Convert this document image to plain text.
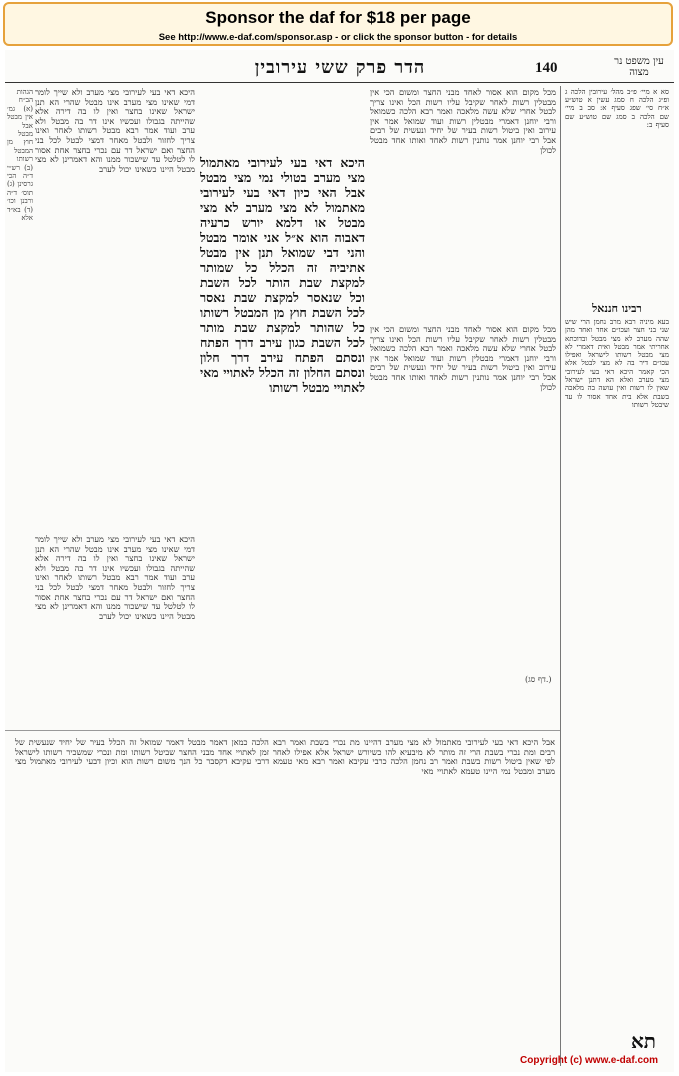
Sponsor the daf for $18 per page
See http://www.e-daf.com/sponsor.asp - or click the sponsor button - for details
140
הדר פרק ששי עירובין	עין משפט נר מצוה
סא א מיי׳ פ״ב מהל׳ עירובין הלכה ג ופ״ג הלכה ח סמג עשין א טוש״ע א״ח סי׳ שפג סעיף א: סב ב מיי׳ שם הלכה ב סמג שם טוש״ע שם סעיף ב:
רבינו חננאל
בעא מיניה רבא מרב נחמן הרי שיש שני בני חצר ועכו״ם אחד ואחד מהן שהה מערב לא מצי מבטל ובדוכתא אחריתי אמר מבטל ואית דאמרי לא מצי מבטל רשותו לישראל ואפילו עכו״ם דיר בה לא מצי לבטל אלא הכי קאמר היכא דאי בעי לעירובי מצי מערב ואלא הא דתנן ישראל שאין לו רשות ואין עושה בה מלאכה בשבת אלא בית אחד אסור לו עד שיבטל רשותו
מכל מקום הוא אסור לאחד מבני החצר ומשום הכי אין מבטלין רשות לאחר שקיבל עליו רשות הכל ואינו צריך לבטל אחרי שלא עשה מלאכה ואמר רבא הלכה כשמואל ורבי יוחנן דאמרי מבטלין רשות ועוד שמואל אמר אין עירוב ואין ביטול רשות בעיר של יחיד ונעשית של רבים אבל רבי יוחנן אמר נותנין רשות לאחד ואותו אחד מבטל לכולן
היכא דאי בעי לעירובי מצי מערב ולא שייך לומר דמי שאינו מצי מערב אינו מבטל שהרי הא תנן ישראל שאינו בחצר ואין לו בה דירה אלא שהייתה בגבולו ועכשיו אינו דר בה מבטל ולא ערב ועוד אמר רבא מבטל רשותו לאחר ואינו צריך לחזור ולבטל מאחר דמצי לבטל לכל בני החצר ואם ישראל דר עם נכרי בחצר אחת אסור לו לטלטל עד שישכור ממנו והא דאמרינן לא מצי מבטל היינו כשאינו יכול לערב
הגהות הב״ח (א) גמ׳ אין מבטל אבל מבטל חוץ מן המבטל רשותו (ב) רש״י ד״ה הכי גרסינן (ג) תוס׳ ד״ה ורבנן וכו׳ (ד) בא״ד אלא
(דף סג.)
היכא דאי בעי לעירובי מאתמול מצי מערב בטולי נמי מצי מבטל אבל האי כיון דאי בעי לעירובי מאתמול לא מצי מערב לא מצי מבטל או דלמא יורש כרעיה דאבוה הוא א״ל אני אומר מבטל והני דבי שמואל תנן אין מבטל אתיביה זה הכלל כל שמותר למקצת שבת הותר לכל השבת וכל שנאסר למקצת שבת נאסר לכל השבת חוץ מן המבטל רשותו כל שהותר למקצת שבת מותר לכל השבת כגון עירב דרך הפתח ונסתם הפתח עירב דרך חלון ונסתם החלון זה הכלל לאתויי מאי לאתויי מבטל רשותו
מכל מקום הוא אסור לאחד מבני החצר ומשום הכי אין מבטלין רשות לאחר שקיבל עליו רשות הכל ואינו צריך לבטל אחרי שלא עשה מלאכה ואמר רבא הלכה כשמואל ורבי יוחנן דאמרי מבטלין רשות ועוד שמואל אמר אין עירוב ואין ביטול רשות בעיר של יחיד ונעשית של רבים אבל רבי יוחנן אמר נותנין רשות לאחד ואותו אחד מבטל לכולן
היכא דאי בעי לעירובי מצי מערב ולא שייך לומר דמי שאינו מצי מערב אינו מבטל שהרי הא תנן ישראל שאינו בחצר ואין לו בה דירה אלא שהייתה בגבולו ועכשיו אינו דר בה מבטל ולא ערב ועוד אמר רבא מבטל רשותו לאחר ואינו צריך לחזור ולבטל מאחר דמצי לבטל לכל בני החצר ואם ישראל דר עם נכרי בחצר אחת אסור לו לטלטל עד שישכור ממנו והא דאמרינן לא מצי מבטל היינו כשאינו יכול לערב
אבל היכא דאי בעי לעירובי מאתמול לא מצי מערב דהיינו מת נכרי בשבת ואמר רבא הלכה כמאן דאמר מבטל דאמר שמואל זה הכלל בעיר של יחיד שנעשית של רבים ומת נכרי בשבת הרי זה מותר לא מיבעיא להו כשיורש ישראל אלא אפילו לאחר זמן לאתויי אחד מבני החצר שביטל רשותו ומת ונכרי שמשכיר רשותו לישראל לפי שאין ביטול רשות בשבת ואמר רב נחמן הלכה כרבי עקיבא ואמר רבא מאי טעמא דרבי עקיבא דקסבר כל הנך משום רשות הוא וכיון דבעי לעירובי מאתמול מצי מערב ומבטל נמי היינו טעמא לאתויי מאי
תא
Copyright (c) www.e-daf.com
